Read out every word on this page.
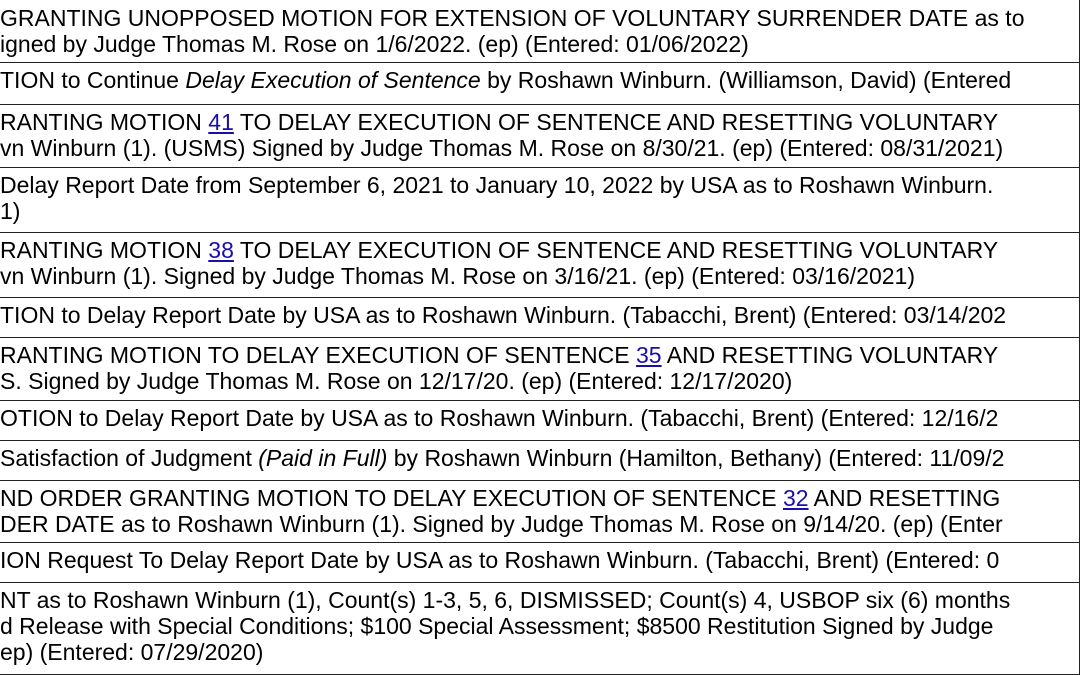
GRANTING UNOPPOSED MOTION FOR EXTENSION OF VOLUNTARY SURRENDER DATE as to
igned by Judge Thomas M. Rose on 1/6/2022. (ep) (Entered: 01/06/2022)
TION to Continue Delay Execution of Sentence by Roshawn Winburn. (Williamson, David) (Entered
RANTING MOTION 41 TO DELAY EXECUTION OF SENTENCE AND RESETTING VOLUNTARY
vn Winburn (1). (USMS) Signed by Judge Thomas M. Rose on 8/30/21. (ep) (Entered: 08/31/2021)
Delay Report Date from September 6, 2021 to January 10, 2022 by USA as to Roshawn Winburn.
1)
RANTING MOTION 38 TO DELAY EXECUTION OF SENTENCE AND RESETTING VOLUNTARY
vn Winburn (1). Signed by Judge Thomas M. Rose on 3/16/21. (ep) (Entered: 03/16/2021)
TION to Delay Report Date by USA as to Roshawn Winburn. (Tabacchi, Brent) (Entered: 03/14/202
RANTING MOTION TO DELAY EXECUTION OF SENTENCE 35 AND RESETTING VOLUNTARY
S. Signed by Judge Thomas M. Rose on 12/17/20. (ep) (Entered: 12/17/2020)
OTION to Delay Report Date by USA as to Roshawn Winburn. (Tabacchi, Brent) (Entered: 12/16/2
Satisfaction of Judgment (Paid in Full) by Roshawn Winburn (Hamilton, Bethany) (Entered: 11/09/2
ND ORDER GRANTING MOTION TO DELAY EXECUTION OF SENTENCE 32 AND RESETTING
DER DATE as to Roshawn Winburn (1). Signed by Judge Thomas M. Rose on 9/14/20. (ep) (Enter
ION Request To Delay Report Date by USA as to Roshawn Winburn. (Tabacchi, Brent) (Entered: 0
NT as to Roshawn Winburn (1), Count(s) 1-3, 5, 6, DISMISSED; Count(s) 4, USBOP six (6) months
d Release with Special Conditions; $100 Special Assessment; $8500 Restitution Signed by Judge
ep) (Entered: 07/29/2020)
